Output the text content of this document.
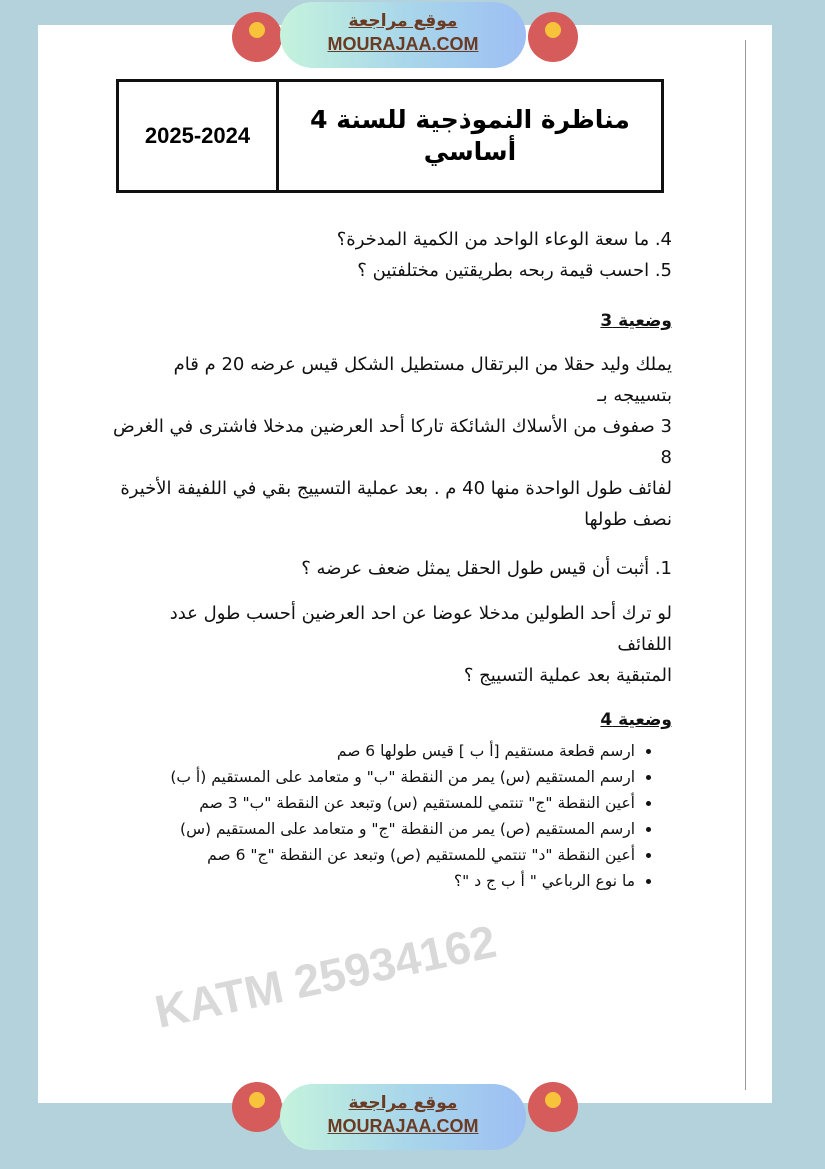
موقع مراجعة
MOURAJAA.COM
2025-2024
مناظرة النموذجية للسنة 4 أساسي
KATM 25934162
4. ما سعة الوعاء الواحد من الكمية المدخرة؟
5. احسب قيمة ربحه بطريقتين مختلفتين ؟
وضعية 3
يملك وليد حقلا من البرتقال مستطيل الشكل قيس عرضه 20 م قام بتسييجه بـ
3 صفوف من الأسلاك الشائكة تاركا أحد العرضين مدخلا فاشترى في الغرض 8
لفائف طول الواحدة منها 40 م . بعد عملية التسييج بقي في اللفيفة الأخيرة
نصف طولها
1. أثبت أن قيس طول الحقل يمثل ضعف عرضه ؟
لو ترك أحد الطولين مدخلا عوضا عن احد العرضين أحسب طول عدد اللفائف
المتبقية بعد عملية التسييج ؟
وضعية 4
• ارسم قطعة مستقيم [أ ب ] قيس طولها 6 صم
• ارسم المستقيم (س) يمر من النقطة "ب" و متعامد على المستقيم (أ ب)
• أعين النقطة "ج" تنتمي للمستقيم (س) وتبعد عن النقطة "ب" 3 صم
• ارسم المستقيم (ص) يمر من النقطة "ج" و متعامد على المستقيم (س)
• أعين النقطة "د" تنتمي للمستقيم (ص) وتبعد عن النقطة "ج" 6 صم
• ما نوع الرباعي " أ ب ج د "؟
موقع مراجعة
MOURAJAA.COM
